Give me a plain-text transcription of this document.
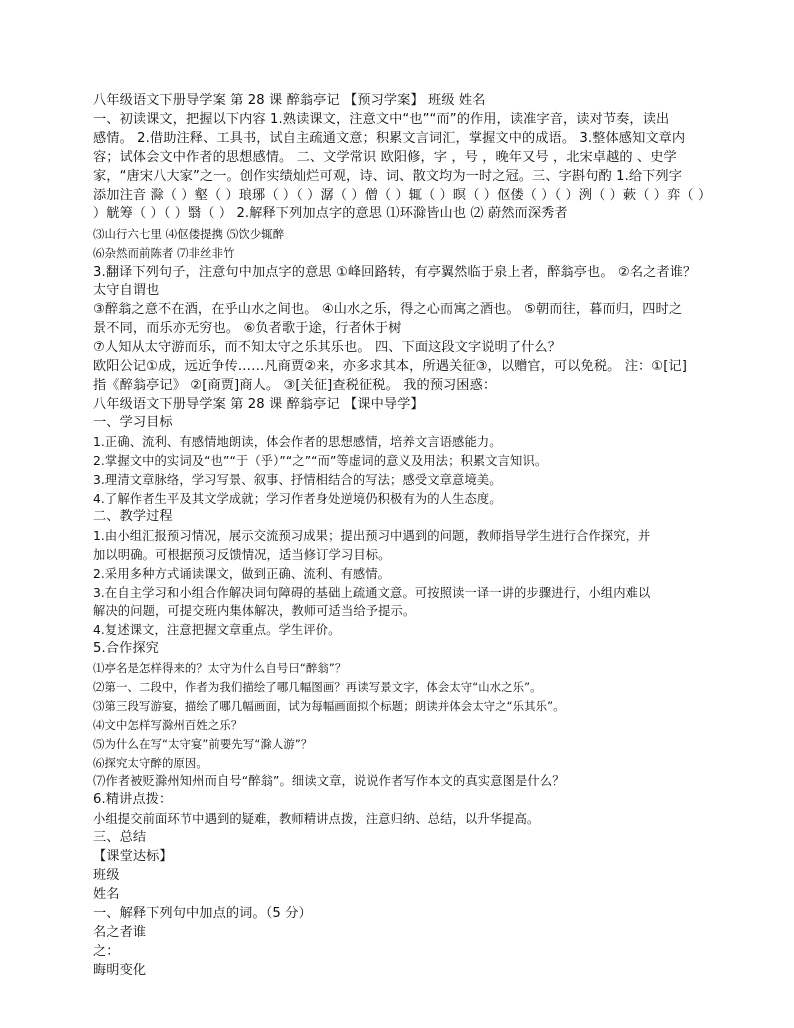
八年级语文下册导学案 第 28 课 醉翁亭记 【预习学案】 班级 姓名
一、初读课文，把握以下内容 1.熟读课文，注意文中“也”“而”的作用，读准字音，读对节奏，读出
感情。 2.借助注释、工具书，试自主疏通文意；积累文言词汇，掌握文中的成语。 3.整体感知文章内
容；试体会文中作者的思想感情。 二、文学常识 欧阳修，字 ，号 ，晚年又号 ，北宋卓越的 、史学
家，“唐宋八大家”之一。创作实绩灿烂可观，诗、词、散文均为一时之冠。三、字斟句酌 1.给下列字
添加注音 滁（ ）壑（ ）琅琊（ ）（ ）潺（ ）僧（ ）辄（ ）暝（ ）伛偻（ ）（ ）洌（ ）蔌（ ）弈（ ）
）觥筹（ ）（ ）翳（ ） 2.解释下列加点字的意思 ⑴环滁皆山也 ⑵ 蔚然而深秀者
⑶山行六七里 ⑷伛偻提携 ⑸饮少辄醉
⑹杂然而前陈者 ⑺非丝非竹
3.翻译下列句子，注意句中加点字的意思 ①峰回路转，有亭翼然临于泉上者，醉翁亭也。 ②名之者谁？
太守自谓也
③醉翁之意不在酒，在乎山水之间也。 ④山水之乐，得之心而寓之酒也。 ⑤朝而往，暮而归，四时之
景不同，而乐亦无穷也。 ⑥负者歌于途，行者休于树
⑦人知从太守游而乐，而不知太守之乐其乐也。 四、下面这段文字说明了什么？
欧阳公记①成，远近争传……凡商贾②来，亦多求其本，所遇关征③，以赠官，可以免税。 注：①[记]
指《醉翁亭记》 ②[商贾]商人。 ③[关征]查税征税。 我的预习困惑：
八年级语文下册导学案 第 28 课 醉翁亭记 【课中导学】
一、学习目标
1.正确、流利、有感情地朗读，体会作者的思想感情，培养文言语感能力。
2.掌握文中的实词及“也”“于（乎）”“之”“而”等虚词的意义及用法；积累文言知识。
3.理清文章脉络，学习写景、叙事、抒情相结合的写法；感受文章意境美。
4.了解作者生平及其文学成就；学习作者身处逆境仍积极有为的人生态度。
二、教学过程
1.由小组汇报预习情况，展示交流预习成果；提出预习中遇到的问题，教师指导学生进行合作探究，并
加以明确。可根据预习反馈情况，适当修订学习目标。
2.采用多种方式诵读课文，做到正确、流利、有感情。
3.在自主学习和小组合作解决词句障碍的基础上疏通文意。可按照读一译一讲的步骤进行，小组内难以
解决的问题，可提交班内集体解决，教师可适当给予提示。
4.复述课文，注意把握文章重点。学生评价。
5.合作探究
⑴亭名是怎样得来的？太守为什么自号曰“醉翁”？
⑵第一、二段中，作者为我们描绘了哪几幅图画？再读写景文字，体会太守“山水之乐”。
⑶第三段写游宴，描绘了哪几幅画面，试为每幅画面拟个标题；朗读并体会太守之“乐其乐”。
⑷文中怎样写滁州百姓之乐？
⑸为什么在写“太守宴”前要先写“滁人游”？
⑹探究太守醉的原因。
⑺作者被贬滁州知州而自号“醉翁”。细读文章，说说作者写作本文的真实意图是什么？
6.精讲点拨：
小组提交前面环节中遇到的疑难，教师精讲点拨，注意归纳、总结，以升华提高。
三、总结
【课堂达标】
班级
姓名
一、解释下列句中加点的词。（5 分）
名之者谁
之：
晦明变化
